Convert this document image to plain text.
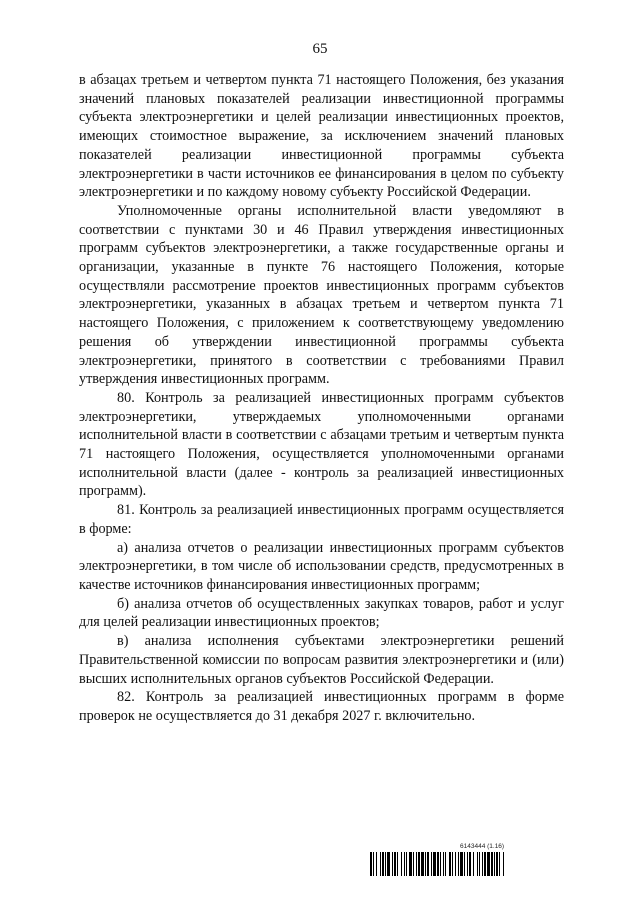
65

в абзацах третьем и четвертом пункта 71 настоящего Положения, без указания значений плановых показателей реализации инвестиционной программы субъекта электроэнергетики и целей реализации инвестиционных проектов, имеющих стоимостное выражение, за исключением значений плановых показателей реализации инвестиционной программы субъекта электроэнергетики в части источников ее финансирования в целом по субъекту электроэнергетики и по каждому новому субъекту Российской Федерации.

Уполномоченные органы исполнительной власти уведомляют в соответствии с пунктами 30 и 46 Правил утверждения инвестиционных программ субъектов электроэнергетики, а также государственные органы и организации, указанные в пункте 76 настоящего Положения, которые осуществляли рассмотрение проектов инвестиционных программ субъектов электроэнергетики, указанных в абзацах третьем и четвертом пункта 71 настоящего Положения, с приложением к соответствующему уведомлению решения об утверждении инвестиционной программы субъекта электроэнергетики, принятого в соответствии с требованиями Правил утверждения инвестиционных программ.

80. Контроль за реализацией инвестиционных программ субъектов электроэнергетики, утверждаемых уполномоченными органами исполнительной власти в соответствии с абзацами третьим и четвертым пункта 71 настоящего Положения, осуществляется уполномоченными органами исполнительной власти (далее - контроль за реализацией инвестиционных программ).

81. Контроль за реализацией инвестиционных программ осуществляется в форме:

а) анализа отчетов о реализации инвестиционных программ субъектов электроэнергетики, в том числе об использовании средств, предусмотренных в качестве источников финансирования инвестиционных программ;

б) анализа отчетов об осуществленных закупках товаров, работ и услуг для целей реализации инвестиционных проектов;

в) анализа исполнения субъектами электроэнергетики решений Правительственной комиссии по вопросам развития электроэнергетики и (или) высших исполнительных органов субъектов Российской Федерации.

82. Контроль за реализацией инвестиционных программ в форме проверок не осуществляется до 31 декабря 2027 г. включительно.

6143444 (1.16)
